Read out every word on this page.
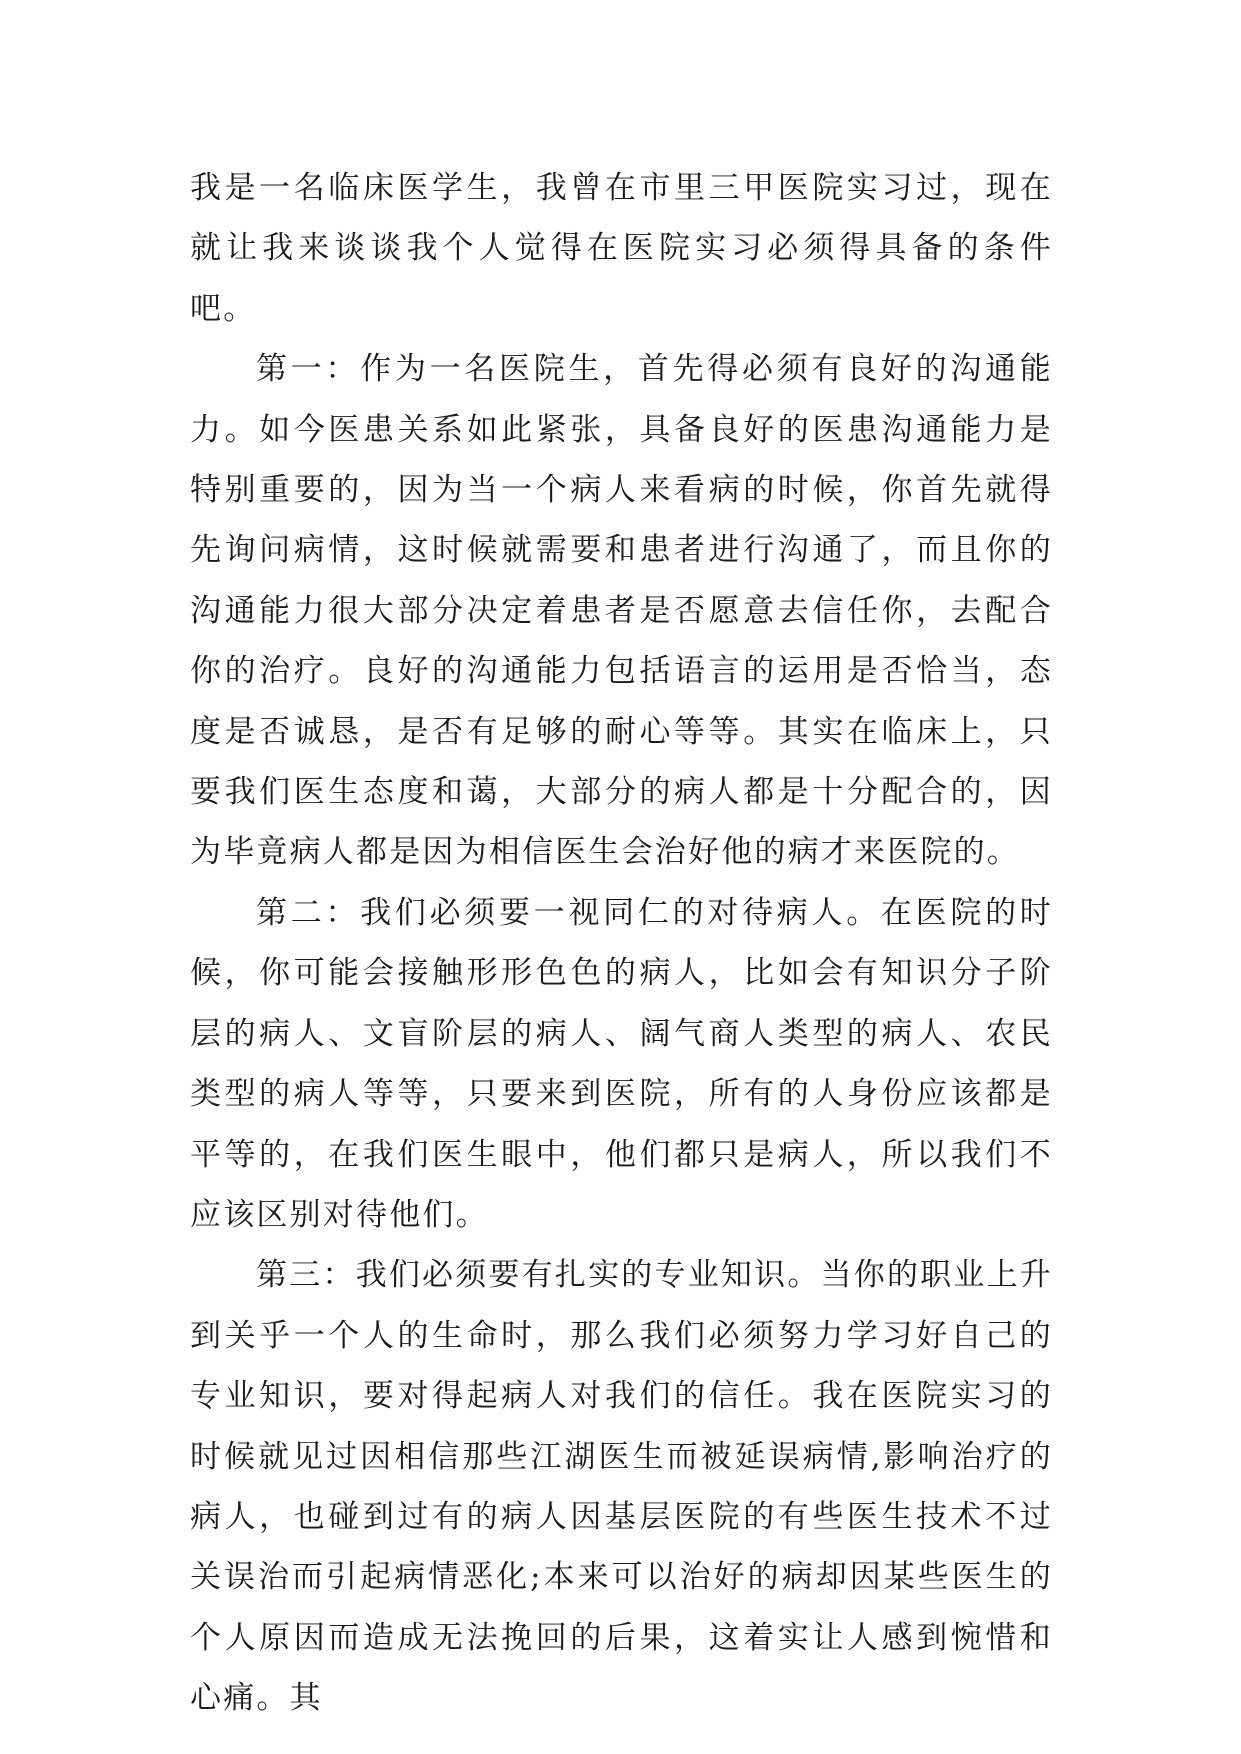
我是一名临床医学生，我曾在市里三甲医院实习过，现在就让我来谈谈我个人觉得在医院实习必须得具备的条件吧。

第一：作为一名医院生，首先得必须有良好的沟通能力。如今医患关系如此紧张，具备良好的医患沟通能力是特别重要的，因为当一个病人来看病的时候，你首先就得先询问病情，这时候就需要和患者进行沟通了，而且你的沟通能力很大部分决定着患者是否愿意去信任你，去配合你的治疗。良好的沟通能力包括语言的运用是否恰当，态度是否诚恳，是否有足够的耐心等等。其实在临床上，只要我们医生态度和蔼，大部分的病人都是十分配合的，因为毕竟病人都是因为相信医生会治好他的病才来医院的。

第二：我们必须要一视同仁的对待病人。在医院的时候，你可能会接触形形色色的病人，比如会有知识分子阶层的病人、文盲阶层的病人、阔气商人类型的病人、农民类型的病人等等，只要来到医院，所有的人身份应该都是平等的，在我们医生眼中，他们都只是病人，所以我们不应该区别对待他们。

第三：我们必须要有扎实的专业知识。当你的职业上升到关乎一个人的生命时，那么我们必须努力学习好自己的专业知识，要对得起病人对我们的信任。我在医院实习的时候就见过因相信那些江湖医生而被延误病情,影响治疗的病人，也碰到过有的病人因基层医院的有些医生技术不过关误治而引起病情恶化;本来可以治好的病却因某些医生的个人原因而造成无法挽回的后果，这着实让人感到惋惜和心痛。其
